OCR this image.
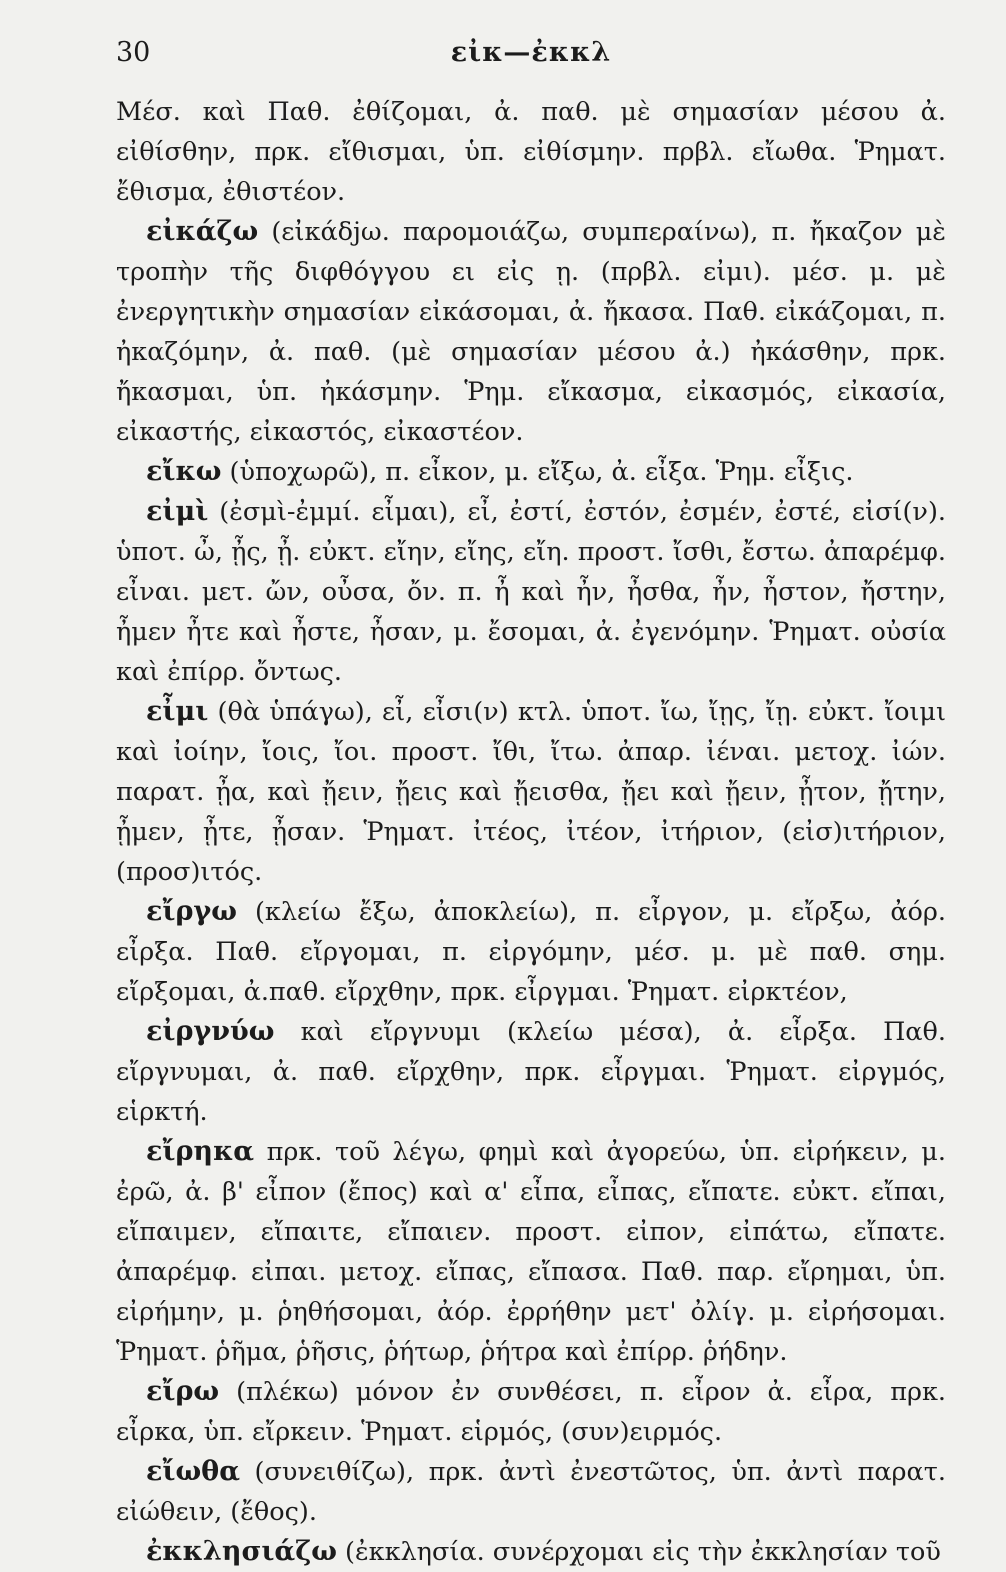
30	εἰκ—ἐκκλ

Μέσ. καὶ Παθ. ἐθίζομαι, ἀ. παθ. μὲ σημασίαν μέσου ἀ. εἰθίσθην, πρκ. εἴθισμαι, ὑπ. εἰθίσμην. πρβλ. εἴωθα. Ῥηματ. ἔθισμα, ἐθιστέον.

εἰκάζω (εἰκάδjω. παρομοιάζω, συμπεραίνω), π. ἤκαζον μὲ τροπὴν τῆς διφθόγγου ει εἰς ῃ. (πρβλ. εἰμι). μέσ. μ. μὲ ἐνεργητικὴν σημασίαν εἰκάσομαι, ἀ. ἤκασα. Παθ. εἰκάζομαι, π. ἠκαζόμην, ἀ. παθ. (μὲ σημασίαν μέσου ἀ.) ἠκάσθην, πρκ. ἤκασμαι, ὑπ. ἠκάσμην. Ῥημ. εἴκασμα, εἰκασμός, εἰκασία, εἰκαστής, εἰκαστός, εἰκαστέον.

εἴκω (ὑποχωρῶ), π. εἶκον, μ. εἴξω, ἀ. εἶξα. Ῥημ. εἶξις.

εἰμὶ (ἐσμὶ-ἐμμί. εἶμαι), εἶ, ἐστί, ἐστόν, ἐσμέν, ἐστέ, εἰσί(ν). ὑποτ. ὦ, ᾖς, ᾖ. εὐκτ. εἴην, εἴης, εἴη. προστ. ἴσθι, ἔστω. ἀπαρέμφ. εἶναι. μετ. ὤν, οὖσα, ὄν. π. ἦ καὶ ἦν, ἦσθα, ἦν, ἦστον, ἤστην, ἦμεν ἦτε καὶ ἦστε, ἦσαν, μ. ἔσομαι, ἀ. ἐγενόμην. Ῥηματ. οὐσία καὶ ἐπίρρ. ὄντως.

εἶμι (θὰ ὑπάγω), εἶ, εἶσι(ν) κτλ. ὑποτ. ἴω, ἴῃς, ἴῃ. εὐκτ. ἴοιμι καὶ ἰοίην, ἴοις, ἴοι. προστ. ἴθι, ἴτω. ἀπαρ. ἰέναι. μετοχ. ἰών. παρατ. ᾖα, καὶ ᾔειν, ᾔεις καὶ ᾔεισθα, ᾔει καὶ ᾔειν, ᾖτον, ᾔτην, ᾖμεν, ᾖτε, ᾖσαν. Ῥηματ. ἰτέος, ἰτέον, ἰτήριον, (εἰσ)ιτήριον, (προσ)ιτός.

εἴργω (κλείω ἔξω, ἀποκλείω), π. εἶργον, μ. εἴρξω, ἀόρ. εἶρξα. Παθ. εἴργομαι, π. εἰργόμην, μέσ. μ. μὲ παθ. σημ. εἴρξομαι, ἀ.παθ. εἴρχθην, πρκ. εἶργμαι. Ῥηματ. εἰρκτέον,

εἰργνύω καὶ εἴργνυμι (κλείω μέσα), ἀ. εἶρξα. Παθ. εἴργνυμαι, ἀ. παθ. εἴρχθην, πρκ. εἶργμαι. Ῥηματ. εἰργμός, εἱρκτή.

εἴρηκα πρκ. τοῦ λέγω, φημὶ καὶ ἀγορεύω, ὑπ. εἰρήκειν, μ. ἐρῶ, ἀ. β' εἶπον (ἔπος) καὶ α' εἶπα, εἶπας, εἴπατε. εὐκτ. εἴπαι, εἴπαιμεν, εἴπαιτε, εἴπαιεν. προστ. εἰπον, εἰπάτω, εἴπατε. ἀπαρέμφ. εἰπαι. μετοχ. εἴπας, εἴπασα. Παθ. παρ. εἴρημαι, ὑπ. εἰρήμην, μ. ῥηθήσομαι, ἀόρ. ἐρρήθην μετ' ὀλίγ. μ. εἰρήσομαι. Ῥηματ. ῥῆμα, ῥῆσις, ῥήτωρ, ῥήτρα καὶ ἐπίρρ. ῥήδην.

εἴρω (πλέκω) μόνον ἐν συνθέσει, π. εἶρον ἀ. εἶρα, πρκ. εἶρκα, ὑπ. εἴρκειν. Ῥηματ. εἱρμός, (συν)ειρμός.

εἴωθα (συνειθίζω), πρκ. ἀντὶ ἐνεστῶτος, ὑπ. ἀντὶ παρατ. εἰώθειν, (ἔθος).

ἐκκλησιάζω (ἐκκλησία. συνέρχομαι εἰς τὴν ἐκκλησίαν τοῦ
